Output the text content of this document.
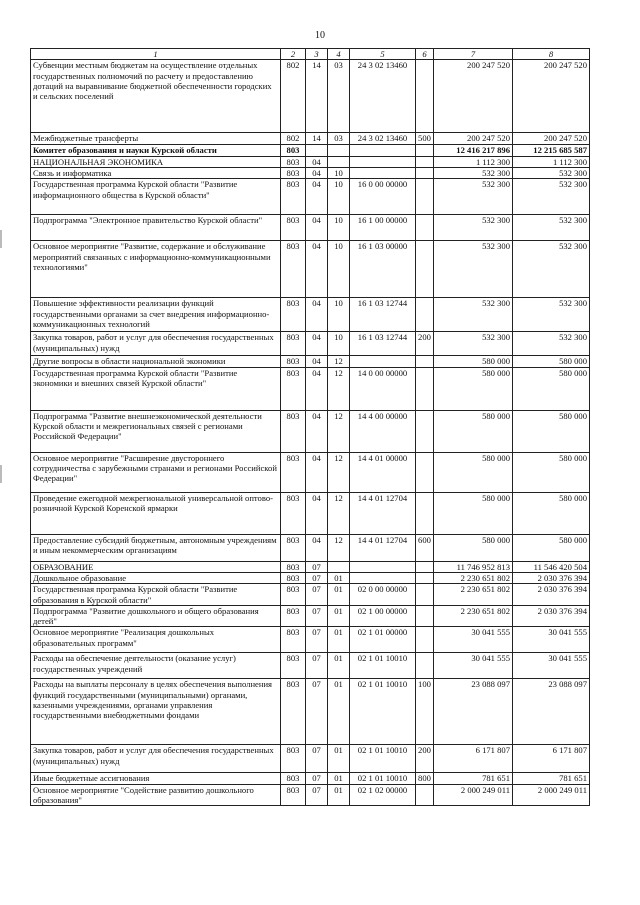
10
1	2	3	4	5	6	7	8
Субвенции местным бюджетам на осуществление отдельных государственных полномочий по расчету и предоставлению дотаций на выравнивание бюджетной обеспеченности городских и сельских поселений	802	14	03	24 3 02 13460		200 247 520	200 247 520
Межбюджетные трансферты	802	14	03	24 3 02 13460	500	200 247 520	200 247 520
Комитет образования и науки Курской области	803					12 416 217 896	12 215 685 587
НАЦИОНАЛЬНАЯ ЭКОНОМИКА	803	04				1 112 300	1 112 300
Связь и информатика	803	04	10			532 300	532 300
Государственная программа Курской области "Развитие информационного общества в Курской области"	803	04	10	16 0 00 00000		532 300	532 300
Подпрограмма "Электронное правительство Курской области"	803	04	10	16 1 00 00000		532 300	532 300
Основное мероприятие "Развитие, содержание и обслуживание мероприятий связанных с информационно-коммуникационными технологиями"	803	04	10	16 1 03 00000		532 300	532 300
Повышение эффективности реализации функций государственными органами за счет внедрения информационно-коммуникационных технологий	803	04	10	16 1 03 12744		532 300	532 300
Закупка товаров, работ и услуг для обеспечения государственных (муниципальных) нужд	803	04	10	16 1 03 12744	200	532 300	532 300
Другие вопросы в области национальной экономики	803	04	12			580 000	580 000
Государственная программа Курской области "Развитие экономики и внешних связей Курской области"	803	04	12	14 0 00 00000		580 000	580 000
Подпрограмма "Развитие внешнеэкономической деятельности Курской области и межрегиональных связей с регионами Российской Федерации"	803	04	12	14 4 00 00000		580 000	580 000
Основное мероприятие "Расширение двустороннего сотрудничества с зарубежными странами и регионами Российской Федерации"	803	04	12	14 4 01 00000		580 000	580 000
Проведение ежегодной межрегиональной универсальной оптово-розничной Курской Коренской ярмарки	803	04	12	14 4 01 12704		580 000	580 000
Предоставление субсидий бюджетным, автономным учреждениям и иным некоммерческим организациям	803	04	12	14 4 01 12704	600	580 000	580 000
ОБРАЗОВАНИЕ	803	07				11 746 952 813	11 546 420 504
Дошкольное образование	803	07	01			2 230 651 802	2 030 376 394
Государственная программа Курской области "Развитие образования в Курской области"	803	07	01	02 0 00 00000		2 230 651 802	2 030 376 394
Подпрограмма "Развитие дошкольного и общего образования детей"	803	07	01	02 1 00 00000		2 230 651 802	2 030 376 394
Основное мероприятие "Реализация дошкольных образовательных программ"	803	07	01	02 1 01 00000		30 041 555	30 041 555
Расходы на обеспечение деятельности (оказание услуг) государственных учреждений	803	07	01	02 1 01 10010		30 041 555	30 041 555
Расходы на выплаты персоналу в целях обеспечения выполнения функций государственными (муниципальными) органами, казенными учреждениями, органами управления государственными внебюджетными фондами	803	07	01	02 1 01 10010	100	23 088 097	23 088 097
Закупка товаров, работ и услуг для обеспечения государственных (муниципальных) нужд	803	07	01	02 1 01 10010	200	6 171 807	6 171 807
Иные бюджетные ассигнования	803	07	01	02 1 01 10010	800	781 651	781 651
Основное мероприятие "Содействие развитию дошкольного образования"	803	07	01	02 1 02 00000		2 000 249 011	2 000 249 011
